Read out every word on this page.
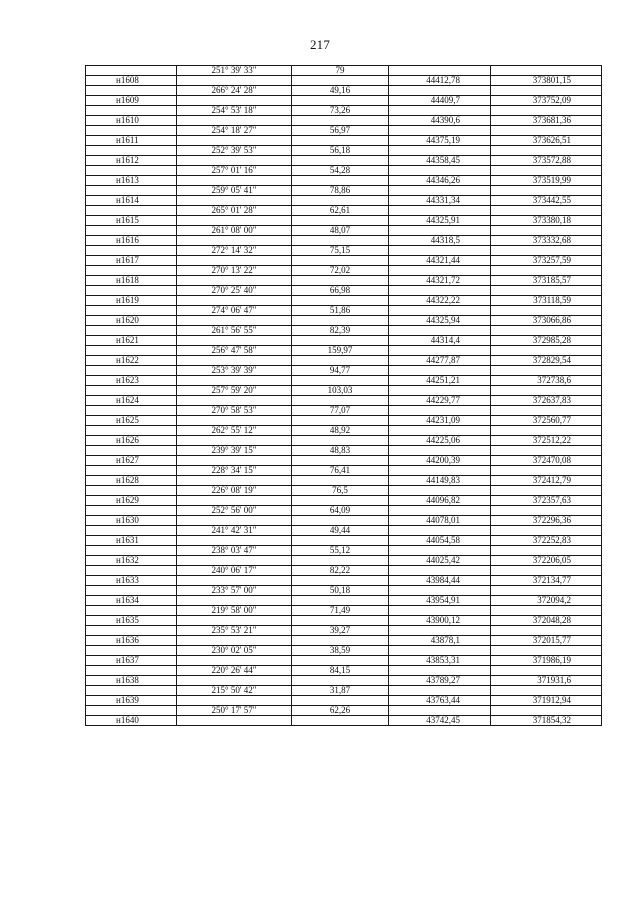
217
	251° 39' 33"	79		
н1608			44412,78	373801,15
	266° 24' 28"	49,16		
н1609			44409,7	373752,09
	254° 53' 18"	73,26		
н1610			44390,6	373681,36
	254° 18' 27"	56,97		
н1611			44375,19	373626,51
	252° 39' 53"	56,18		
н1612			44358,45	373572,88
	257° 01' 16"	54,28		
н1613			44346,26	373519,99
	259° 05' 41"	78,86		
н1614			44331,34	373442,55
	265° 01' 28"	62,61		
н1615			44325,91	373380,18
	261° 08' 00"	48,07		
н1616			44318,5	373332,68
	272° 14' 32"	75,15		
н1617			44321,44	373257,59
	270° 13' 22"	72,02		
н1618			44321,72	373185,57
	270° 25' 40"	66,98		
н1619			44322,22	373118,59
	274° 06' 47"	51,86		
н1620			44325,94	373066,86
	261° 56' 55"	82,39		
н1621			44314,4	372985,28
	256° 47' 58"	159,97		
н1622			44277,87	372829,54
	253° 39' 39"	94,77		
н1623			44251,21	372738,6
	257° 59' 20"	103,03		
н1624			44229,77	372637,83
	270° 58' 53"	77,07		
н1625			44231,09	372560,77
	262° 55' 12"	48,92		
н1626			44225,06	372512,22
	239° 39' 15"	48,83		
н1627			44200,39	372470,08
	228° 34' 15"	76,41		
н1628			44149,83	372412,79
	226° 08' 19"	76,5		
н1629			44096,82	372357,63
	252° 56' 00"	64,09		
н1630			44078,01	372296,36
	241° 42' 31"	49,44		
н1631			44054,58	372252,83
	238° 03' 47"	55,12		
н1632			44025,42	372206,05
	240° 06' 17"	82,22		
н1633			43984,44	372134,77
	233° 57' 00"	50,18		
н1634			43954,91	372094,2
	219° 58' 00"	71,49		
н1635			43900,12	372048,28
	235° 53' 21"	39,27		
н1636			43878,1	372015,77
	230° 02' 05"	38,59		
н1637			43853,31	371986,19
	220° 26' 44"	84,15		
н1638			43789,27	371931,6
	215° 50' 42"	31,87		
н1639			43763,44	371912,94
	250° 17' 57"	62,26		
н1640			43742,45	371854,32
